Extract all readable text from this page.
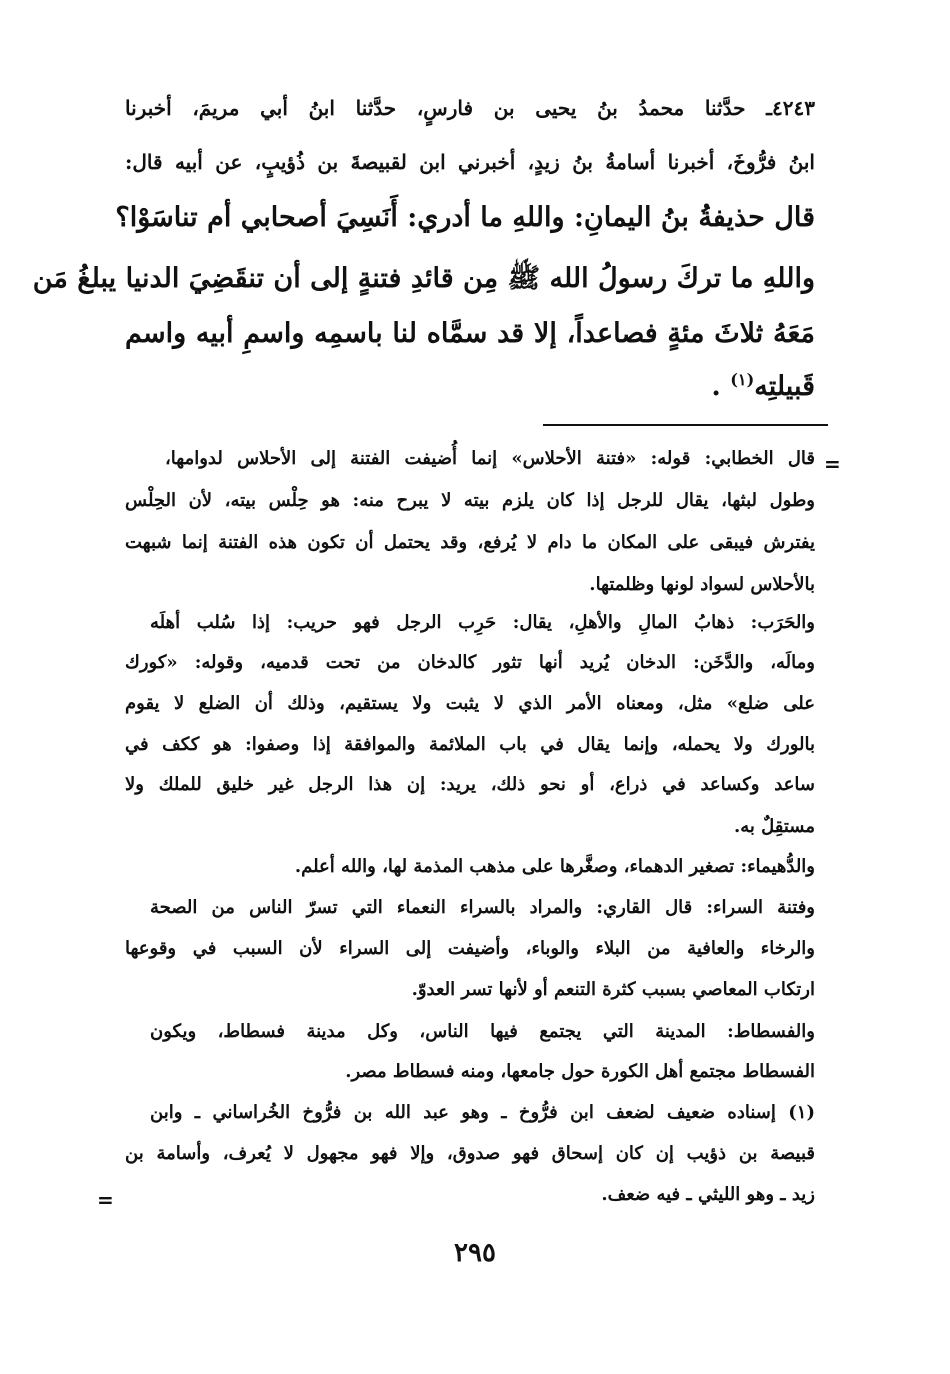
٤٢٤٣ـ حدَّثنا محمدُ بنُ يحيى بن فارسٍ، حدَّثنا ابنُ أبي مريمَ، أخبرنا
ابنُ فرُّوخَ، أخبرنا أسامةُ بنُ زيدٍ، أخبرني ابن لقبيصةَ بن ذُؤيبٍ، عن أبيه قال:
قال حذيفةُ بنُ اليمانِ: واللهِ ما أدري: أَنَسِيَ أصحابي أم تناسَوْا؟
واللهِ ما تركَ رسولُ الله ﷺ مِن قائدِ فتنةٍ إلى أن تنقَضِيَ الدنيا يبلغُ مَن
مَعَهُ ثلاثَ مئةٍ فصاعداً، إلا قد سمَّاه لنا باسمِه واسمِ أبيه واسم
قَبيلتِه$^{(١)}$ .
=
قال الخطابي: قوله: «فتنة الأحلاس» إنما أُضيفت الفتنة إلى الأحلاس لدوامها،
وطول لبثها، يقال للرجل إذا كان يلزم بيته لا يبرح منه: هو حِلْس بيته، لأن الحِلْس
يفترش فيبقى على المكان ما دام لا يُرفع، وقد يحتمل أن تكون هذه الفتنة إنما شبهت
بالأحلاس لسواد لونها وظلمتها.
والحَرَب: ذهابُ المالِ والأهلِ، يقال: حَرِب الرجل فهو حريب: إذا سُلب أهلَه
ومالَه، والدَّخَن: الدخان يُريد أنها تثور كالدخان من تحت قدميه، وقوله: «كورك
على ضلع» مثل، ومعناه الأمر الذي لا يثبت ولا يستقيم، وذلك أن الضلع لا يقوم
بالورك ولا يحمله، وإنما يقال في باب الملائمة والموافقة إذا وصفوا: هو ككف في
ساعد وكساعد في ذراع، أو نحو ذلك، يريد: إن هذا الرجل غير خليق للملك ولا
مستقِلٌ به.
والدُّهيماء: تصغير الدهماء، وصغَّرها على مذهب المذمة لها، والله أعلم.
وفتنة السراء: قال القاري: والمراد بالسراء النعماء التي تسرّ الناس من الصحة
والرخاء والعافية من البلاء والوباء، وأضيفت إلى السراء لأن السبب في وقوعها
ارتكاب المعاصي بسبب كثرة التنعم أو لأنها تسر العدوّ.
والفسطاط: المدينة التي يجتمع فيها الناس، وكل مدينة فسطاط، ويكون
الفسطاط مجتمع أهل الكورة حول جامعها، ومنه فسطاط مصر.
(١) إسناده ضعيف لضعف ابن فرُّوخ ـ وهو عبد الله بن فرُّوخ الخُراساني ـ وابن
قبيصة بن ذؤيب إن كان إسحاق فهو صدوق، وإلا فهو مجهول لا يُعرف، وأسامة بن
زيد ـ وهو الليثي ـ فيه ضعف.
=
٢٩٥
